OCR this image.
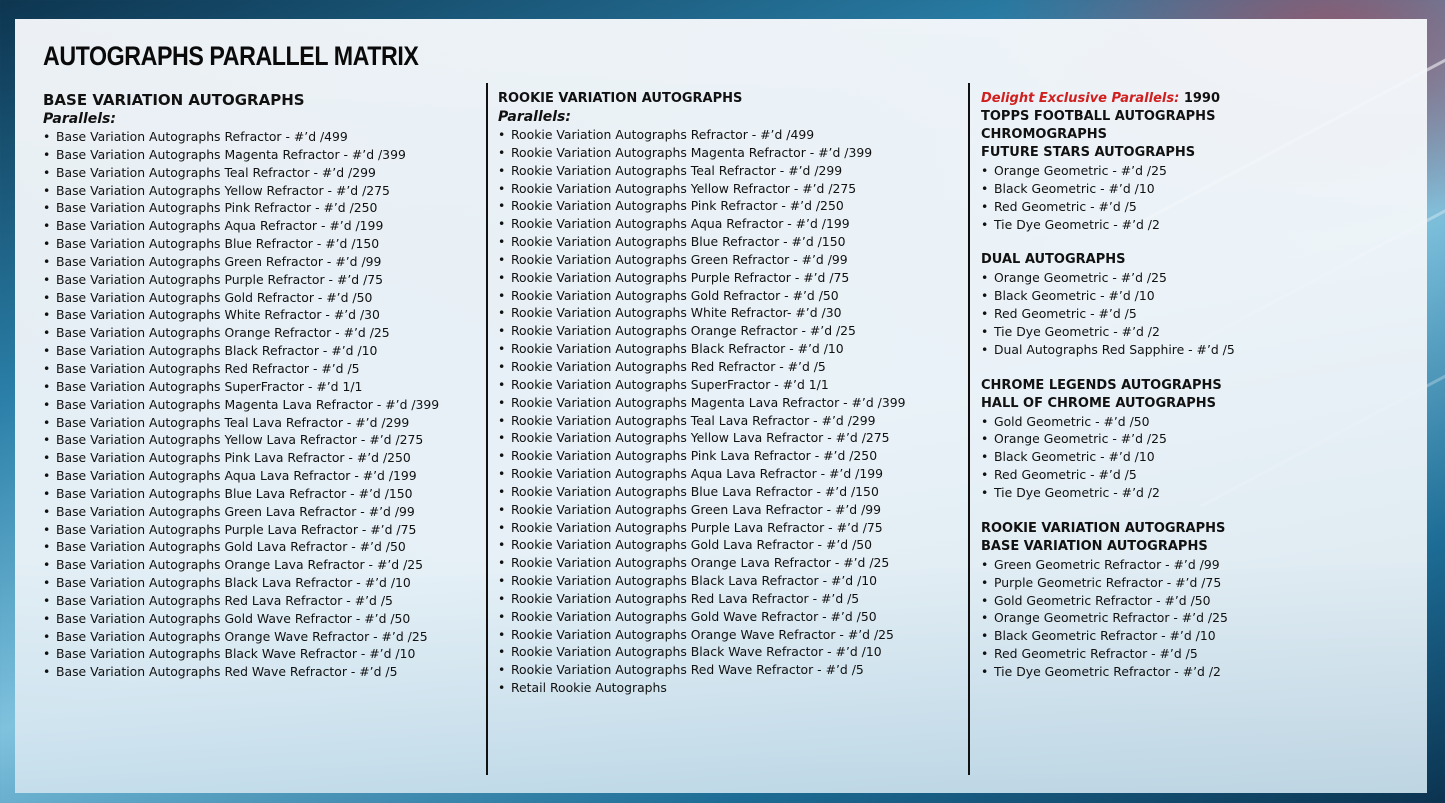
AUTOGRAPHS PARALLEL MATRIX
BASE VARIATION AUTOGRAPHS
Parallels:
• Base Variation Autographs Refractor - #’d /499
• Base Variation Autographs Magenta Refractor - #’d /399
• Base Variation Autographs Teal Refractor - #’d /299
• Base Variation Autographs Yellow Refractor - #’d /275
• Base Variation Autographs Pink Refractor - #’d /250
• Base Variation Autographs Aqua Refractor - #’d /199
• Base Variation Autographs Blue Refractor - #’d /150
• Base Variation Autographs Green Refractor - #’d /99
• Base Variation Autographs Purple Refractor - #’d /75
• Base Variation Autographs Gold Refractor - #’d /50
• Base Variation Autographs White Refractor - #’d /30
• Base Variation Autographs Orange Refractor - #’d /25
• Base Variation Autographs Black Refractor - #’d /10
• Base Variation Autographs Red Refractor - #’d /5
• Base Variation Autographs SuperFractor - #’d 1/1
• Base Variation Autographs Magenta Lava Refractor - #’d /399
• Base Variation Autographs Teal Lava Refractor - #’d /299
• Base Variation Autographs Yellow Lava Refractor - #’d /275
• Base Variation Autographs Pink Lava Refractor - #’d /250
• Base Variation Autographs Aqua Lava Refractor - #’d /199
• Base Variation Autographs Blue Lava Refractor - #’d /150
• Base Variation Autographs Green Lava Refractor - #’d /99
• Base Variation Autographs Purple Lava Refractor - #’d /75
• Base Variation Autographs Gold Lava Refractor - #’d /50
• Base Variation Autographs Orange Lava Refractor - #’d /25
• Base Variation Autographs Black Lava Refractor - #’d /10
• Base Variation Autographs Red Lava Refractor - #’d /5
• Base Variation Autographs Gold Wave Refractor - #’d /50
• Base Variation Autographs Orange Wave Refractor - #’d /25
• Base Variation Autographs Black Wave Refractor - #’d /10
• Base Variation Autographs Red Wave Refractor - #’d /5
ROOKIE VARIATION AUTOGRAPHS
Parallels:
• Rookie Variation Autographs Refractor - #’d /499
• Rookie Variation Autographs Magenta Refractor - #’d /399
• Rookie Variation Autographs Teal Refractor - #’d /299
• Rookie Variation Autographs Yellow Refractor - #’d /275
• Rookie Variation Autographs Pink Refractor - #’d /250
• Rookie Variation Autographs Aqua Refractor - #’d /199
• Rookie Variation Autographs Blue Refractor - #’d /150
• Rookie Variation Autographs Green Refractor - #’d /99
• Rookie Variation Autographs Purple Refractor - #’d /75
• Rookie Variation Autographs Gold Refractor - #’d /50
• Rookie Variation Autographs White Refractor- #’d /30
• Rookie Variation Autographs Orange Refractor - #’d /25
• Rookie Variation Autographs Black Refractor - #’d /10
• Rookie Variation Autographs Red Refractor - #’d /5
• Rookie Variation Autographs SuperFractor - #’d 1/1
• Rookie Variation Autographs Magenta Lava Refractor - #’d /399
• Rookie Variation Autographs Teal Lava Refractor - #’d /299
• Rookie Variation Autographs Yellow Lava Refractor - #’d /275
• Rookie Variation Autographs Pink Lava Refractor - #’d /250
• Rookie Variation Autographs Aqua Lava Refractor - #’d /199
• Rookie Variation Autographs Blue Lava Refractor - #’d /150
• Rookie Variation Autographs Green Lava Refractor - #’d /99
• Rookie Variation Autographs Purple Lava Refractor - #’d /75
• Rookie Variation Autographs Gold Lava Refractor - #’d /50
• Rookie Variation Autographs Orange Lava Refractor - #’d /25
• Rookie Variation Autographs Black Lava Refractor - #’d /10
• Rookie Variation Autographs Red Lava Refractor - #’d /5
• Rookie Variation Autographs Gold Wave Refractor - #’d /50
• Rookie Variation Autographs Orange Wave Refractor - #’d /25
• Rookie Variation Autographs Black Wave Refractor - #’d /10
• Rookie Variation Autographs Red Wave Refractor - #’d /5
• Retail Rookie Autographs
Delight Exclusive Parallels: 1990
TOPPS FOOTBALL AUTOGRAPHS
CHROMOGRAPHS
FUTURE STARS AUTOGRAPHS
• Orange Geometric - #’d /25
• Black Geometric - #’d /10
• Red Geometric - #’d /5
• Tie Dye Geometric - #’d /2
DUAL AUTOGRAPHS
• Orange Geometric - #’d /25
• Black Geometric - #’d /10
• Red Geometric - #’d /5
• Tie Dye Geometric - #’d /2
• Dual Autographs Red Sapphire - #’d /5
CHROME LEGENDS AUTOGRAPHS
HALL OF CHROME AUTOGRAPHS
• Gold Geometric - #’d /50
• Orange Geometric - #’d /25
• Black Geometric - #’d /10
• Red Geometric - #’d /5
• Tie Dye Geometric - #’d /2
ROOKIE VARIATION AUTOGRAPHS
BASE VARIATION AUTOGRAPHS
• Green Geometric Refractor - #’d /99
• Purple Geometric Refractor - #’d /75
• Gold Geometric Refractor - #’d /50
• Orange Geometric Refractor - #’d /25
• Black Geometric Refractor - #’d /10
• Red Geometric Refractor - #’d /5
• Tie Dye Geometric Refractor - #’d /2
